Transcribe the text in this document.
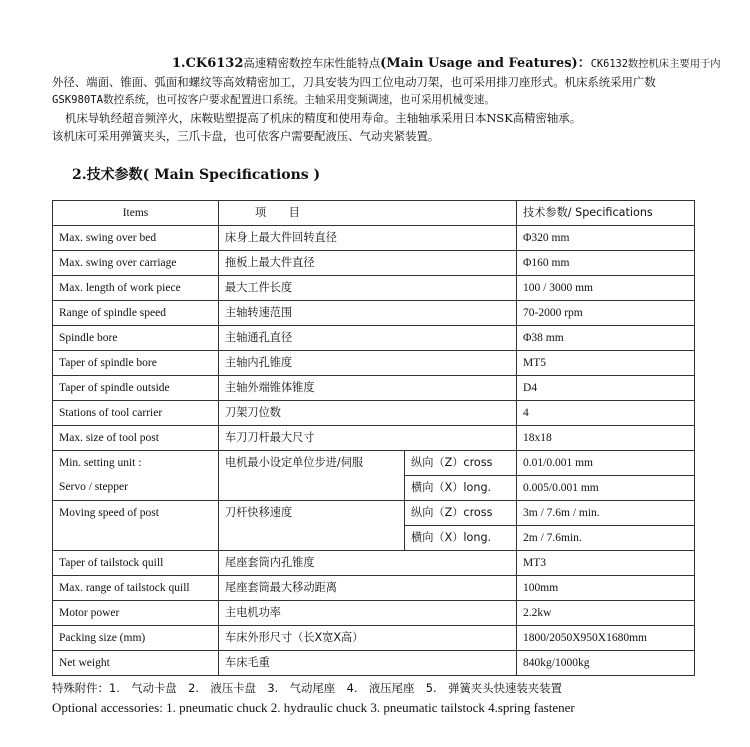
1.CK6132高速精密数控车床性能特点(Main Usage and Features)：CK6132数控机床主要用于内

外径、端面、锥面、弧面和螺纹等高效精密加工，刀具安装为四工位电动刀架，也可采用排刀座形式。机床系统采用广数

GSK980TA数控系统，也可按客户要求配置进口系统。主轴采用变频调速，也可采用机械变速。

机床导轨经超音频淬火，床鞍贴塑提高了机床的精度和使用寿命。主轴轴承采用日本NSK高精密轴承。

该机床可采用弹簧夹头，三爪卡盘，也可依客户需要配液压、气动夹紧装置。

2.技术参数( Main Specifications )
Items	项　　目		技术参数/ Specifications
Max. swing over bed	床身上最大件回转直径		Φ320 mm
Max. swing over carriage	拖板上最大件直径		Φ160 mm
Max. length of work piece	最大工件长度		100 / 3000 mm
Range of spindle speed	主轴转速范围		70-2000 rpm
Spindle bore	主轴通孔直径		Φ38 mm
Taper of spindle bore	主轴内孔锥度		MT5
Taper of spindle outside	主轴外端锥体锥度		D4
Stations of tool carrier	刀架刀位数		4
Max. size of tool post	车刀刀杆最大尺寸		18x18

Min. setting unit :
Servo / stepper	电机最小设定单位步进/伺服	纵向（Z）cross	0.01/0.001 mm
		横向（X）long.	0.005/0.001 mm
Moving speed of post	刀杆快移速度	纵向（Z）cross	3m / 7.6m / min.
		横向（X）long.	2m / 7.6min.
Taper of tailstock quill	尾座套筒内孔锥度		MT3
Max. range of tailstock quill	尾座套筒最大移动距离		100mm
Motor power	主电机功率		2.2kw
Packing size (mm)	车床外形尺寸（长X宽X高）		1800/2050X950X1680mm
Net weight	车床毛重		840kg/1000kg
特殊附件：1.　气动卡盘　2.　液压卡盘　3.　气动尾座　4.　液压尾座　5.　弹簧夹头快速装夹装置
Optional accessories: 1. pneumatic chuck 2. hydraulic chuck 3. pneumatic tailstock 4.spring fastener
